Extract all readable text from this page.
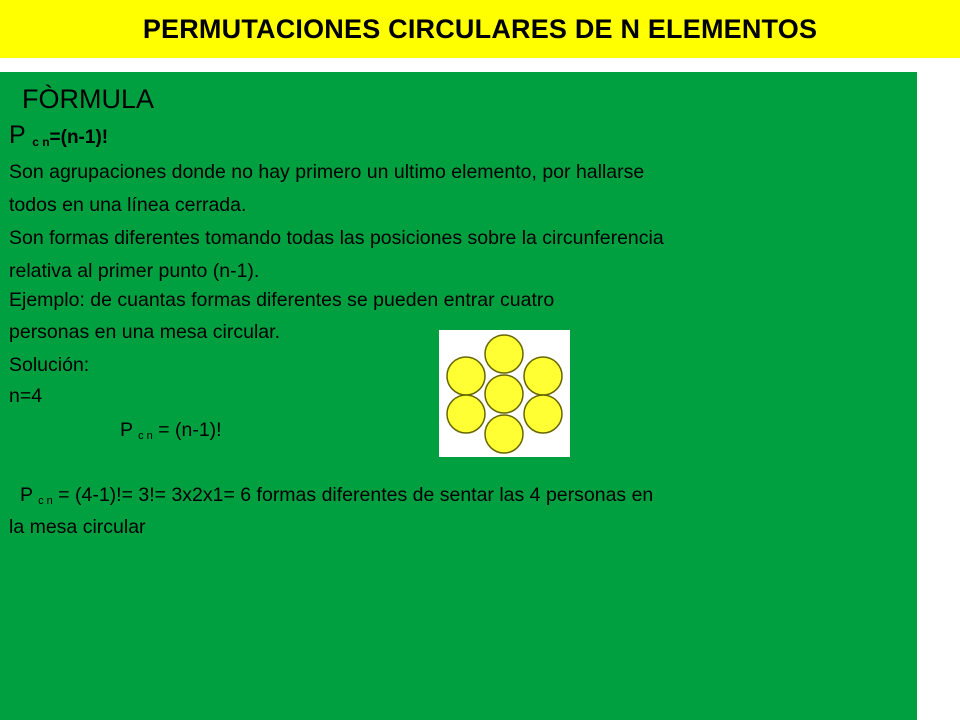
PERMUTACIONES CIRCULARES DE N ELEMENTOS
FÒRMULA
P $_{c n}$=(n-1)!
Son agrupaciones donde no hay primero un ultimo elemento, por hallarse
todos en una línea cerrada.
Son formas diferentes tomando todas las posiciones sobre la circunferencia
relativa al primer punto (n-1).
Ejemplo: de cuantas formas diferentes se pueden entrar cuatro
personas en una mesa circular.
Solución:
n=4
P $_{c n}$ = (n-1)!
P $_{c n}$ = (4-1)!= 3!= 3x2x1= 6 formas diferentes de sentar las 4 personas en
la mesa circular
